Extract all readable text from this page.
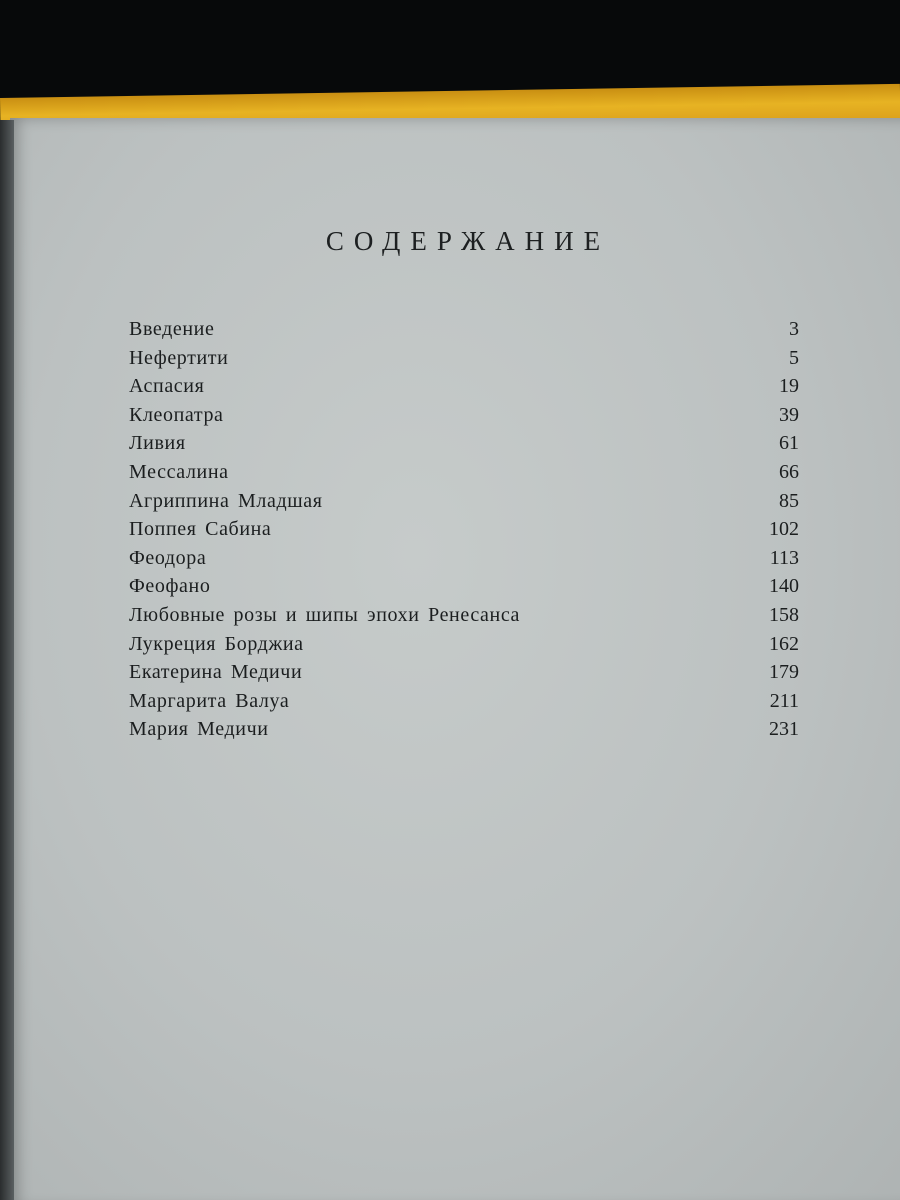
СОДЕРЖАНИЕ
Введение	3
Нефертити	5
Аспасия	19
Клеопатра	39
Ливия	61
Мессалина	66
Агриппина Младшая	85
Поппея Сабина	102
Феодора	113
Феофано	140
Любовные розы и шипы эпохи Ренесанса	158
Лукреция Борджиа	162
Екатерина Медичи	179
Маргарита Валуа	211
Мария Медичи	231
